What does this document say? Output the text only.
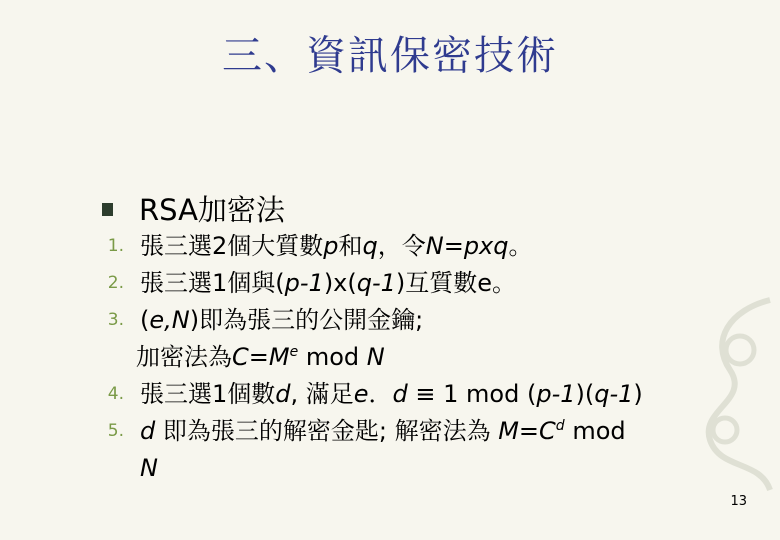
三、資訊保密技術
RSA加密法
1. 張三選2個大質數p和q，令N=pxq。
2. 張三選1個與(p-1)x(q-1)互質數e。
3. (e,N)即為張三的公開金鑰;
加密法為$C=M^e$ mod N
4. 張三選1個數d, 滿足e．d ≡ 1 mod (p-1)(q-1)
5. d 即為張三的解密金匙; 解密法為 $M=C^d$ mod
N
13
